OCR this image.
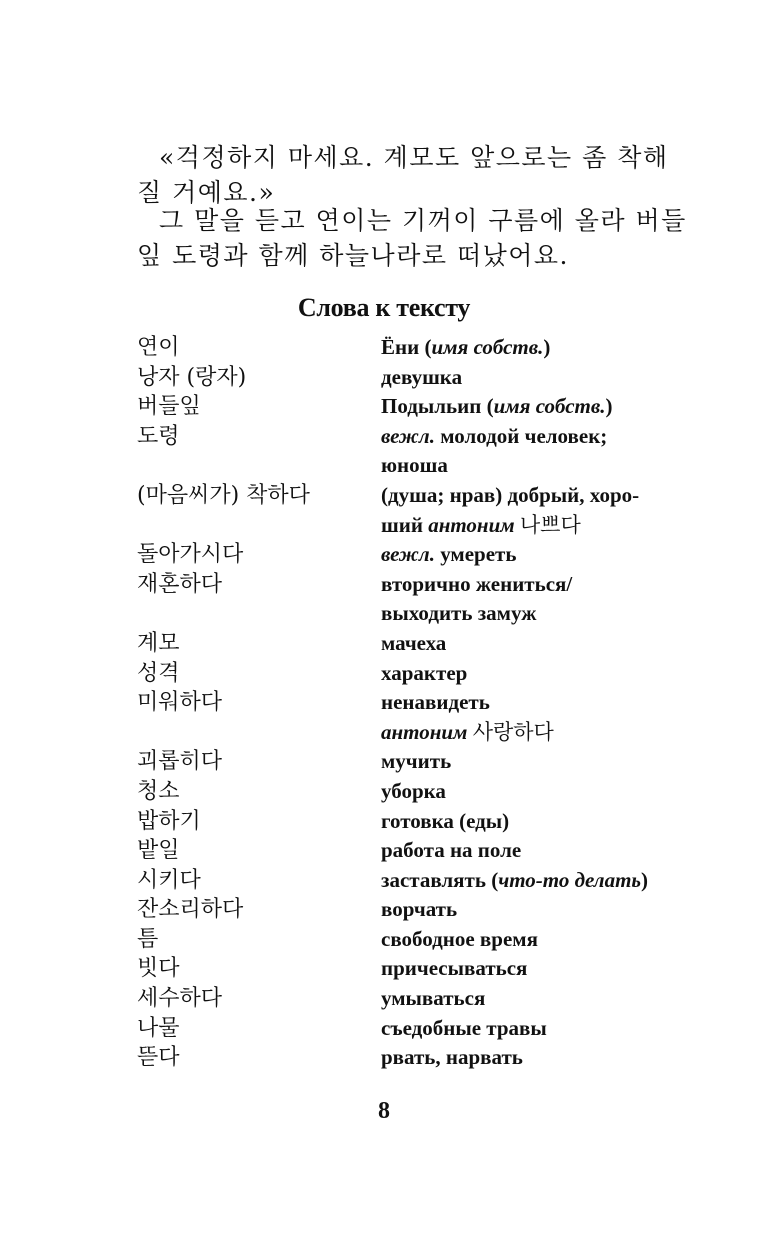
«걱정하지 마세요. 계모도 앞으로는 좀 착해
질 거예요.»
그 말을 듣고 연이는 기꺼이 구름에 올라 버들
잎 도령과 함께 하늘나라로 떠났어요.
Слова к тексту
연이	Ёни (имя собств.)
낭자 (랑자)	девушка
버들잎	Подыльип (имя собств.)
도령	вежл. молодой человек;
юноша
(마음씨가) 착하다	(душа; нрав) добрый, хоро-
ший антоним 나쁘다
돌아가시다	вежл. умереть
재혼하다	вторично жениться/
выходить замуж
계모	мачеха
성격	характер
미워하다	ненавидеть
антоним 사랑하다
괴롭히다	мучить
청소	уборка
밥하기	готовка (еды)
밭일	работа на поле
시키다	заставлять (что-то делать)
잔소리하다	ворчать
틈	свободное время
빗다	причесываться
세수하다	умываться
나물	съедобные травы
뜯다	рвать, нарвать
8
